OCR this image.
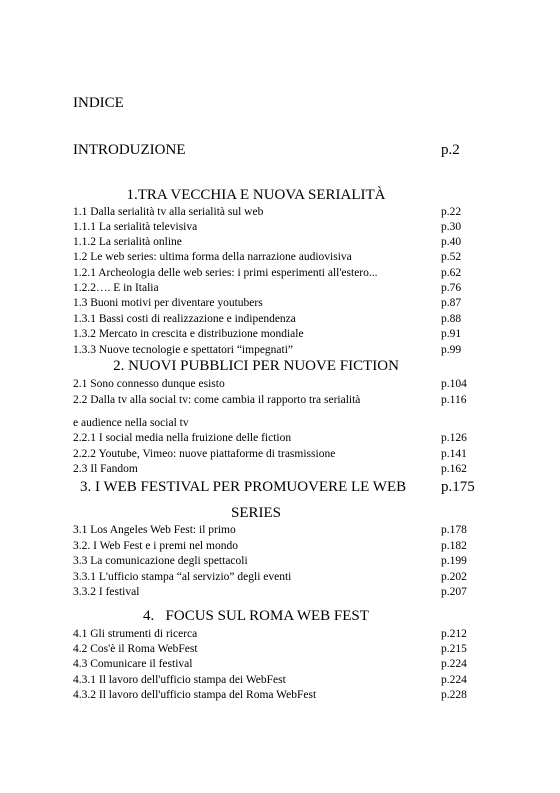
INDICE
INTRODUZIONE	p.2
1.TRA VECCHIA E NUOVA SERIALITÀ
1.1 Dalla serialità tv alla serialità sul web	p.22
1.1.1 La serialità televisiva	p.30
1.1.2 La serialità online	p.40
1.2 Le web series: ultima forma della narrazione audiovisiva	p.52
1.2.1 Archeologia delle web series: i primi esperimenti all'estero...	p.62
1.2.2…. E in Italia	p.76
1.3 Buoni motivi per diventare youtubers	p.87
1.3.1 Bassi costi di realizzazione e indipendenza	p.88
1.3.2 Mercato in crescita e distribuzione mondiale	p.91
1.3.3 Nuove tecnologie e spettatori “impegnati”	p.99
2. NUOVI PUBBLICI PER NUOVE FICTION
2.1 Sono connesso dunque esisto	p.104
2.2 Dalla tv alla social tv: come cambia il rapporto tra serialità	p.116
e audience nella social tv
2.2.1 I social media nella fruizione delle fiction	p.126
2.2.2 Youtube, Vimeo: nuove piattaforme di trasmissione	p.141
2.3 Il Fandom	p.162
3. I WEB FESTIVAL PER PROMUOVERE LE WEB p.175
SERIES
3.1 Los Angeles Web Fest: il primo	p.178
3.2. I Web Fest e i premi nel mondo	p.182
3.3 La comunicazione degli spettacoli	p.199
3.3.1 L'ufficio stampa “al servizio” degli eventi	p.202
3.3.2 I festival	p.207
4.   FOCUS SUL ROMA WEB FEST
4.1 Gli strumenti di ricerca	p.212
4.2 Cos'è il Roma WebFest	p.215
4.3 Comunicare il festival	p.224
4.3.1 Il lavoro dell'ufficio stampa dei WebFest	p.224
4.3.2 Il lavoro dell'ufficio stampa del Roma WebFest	p.228
